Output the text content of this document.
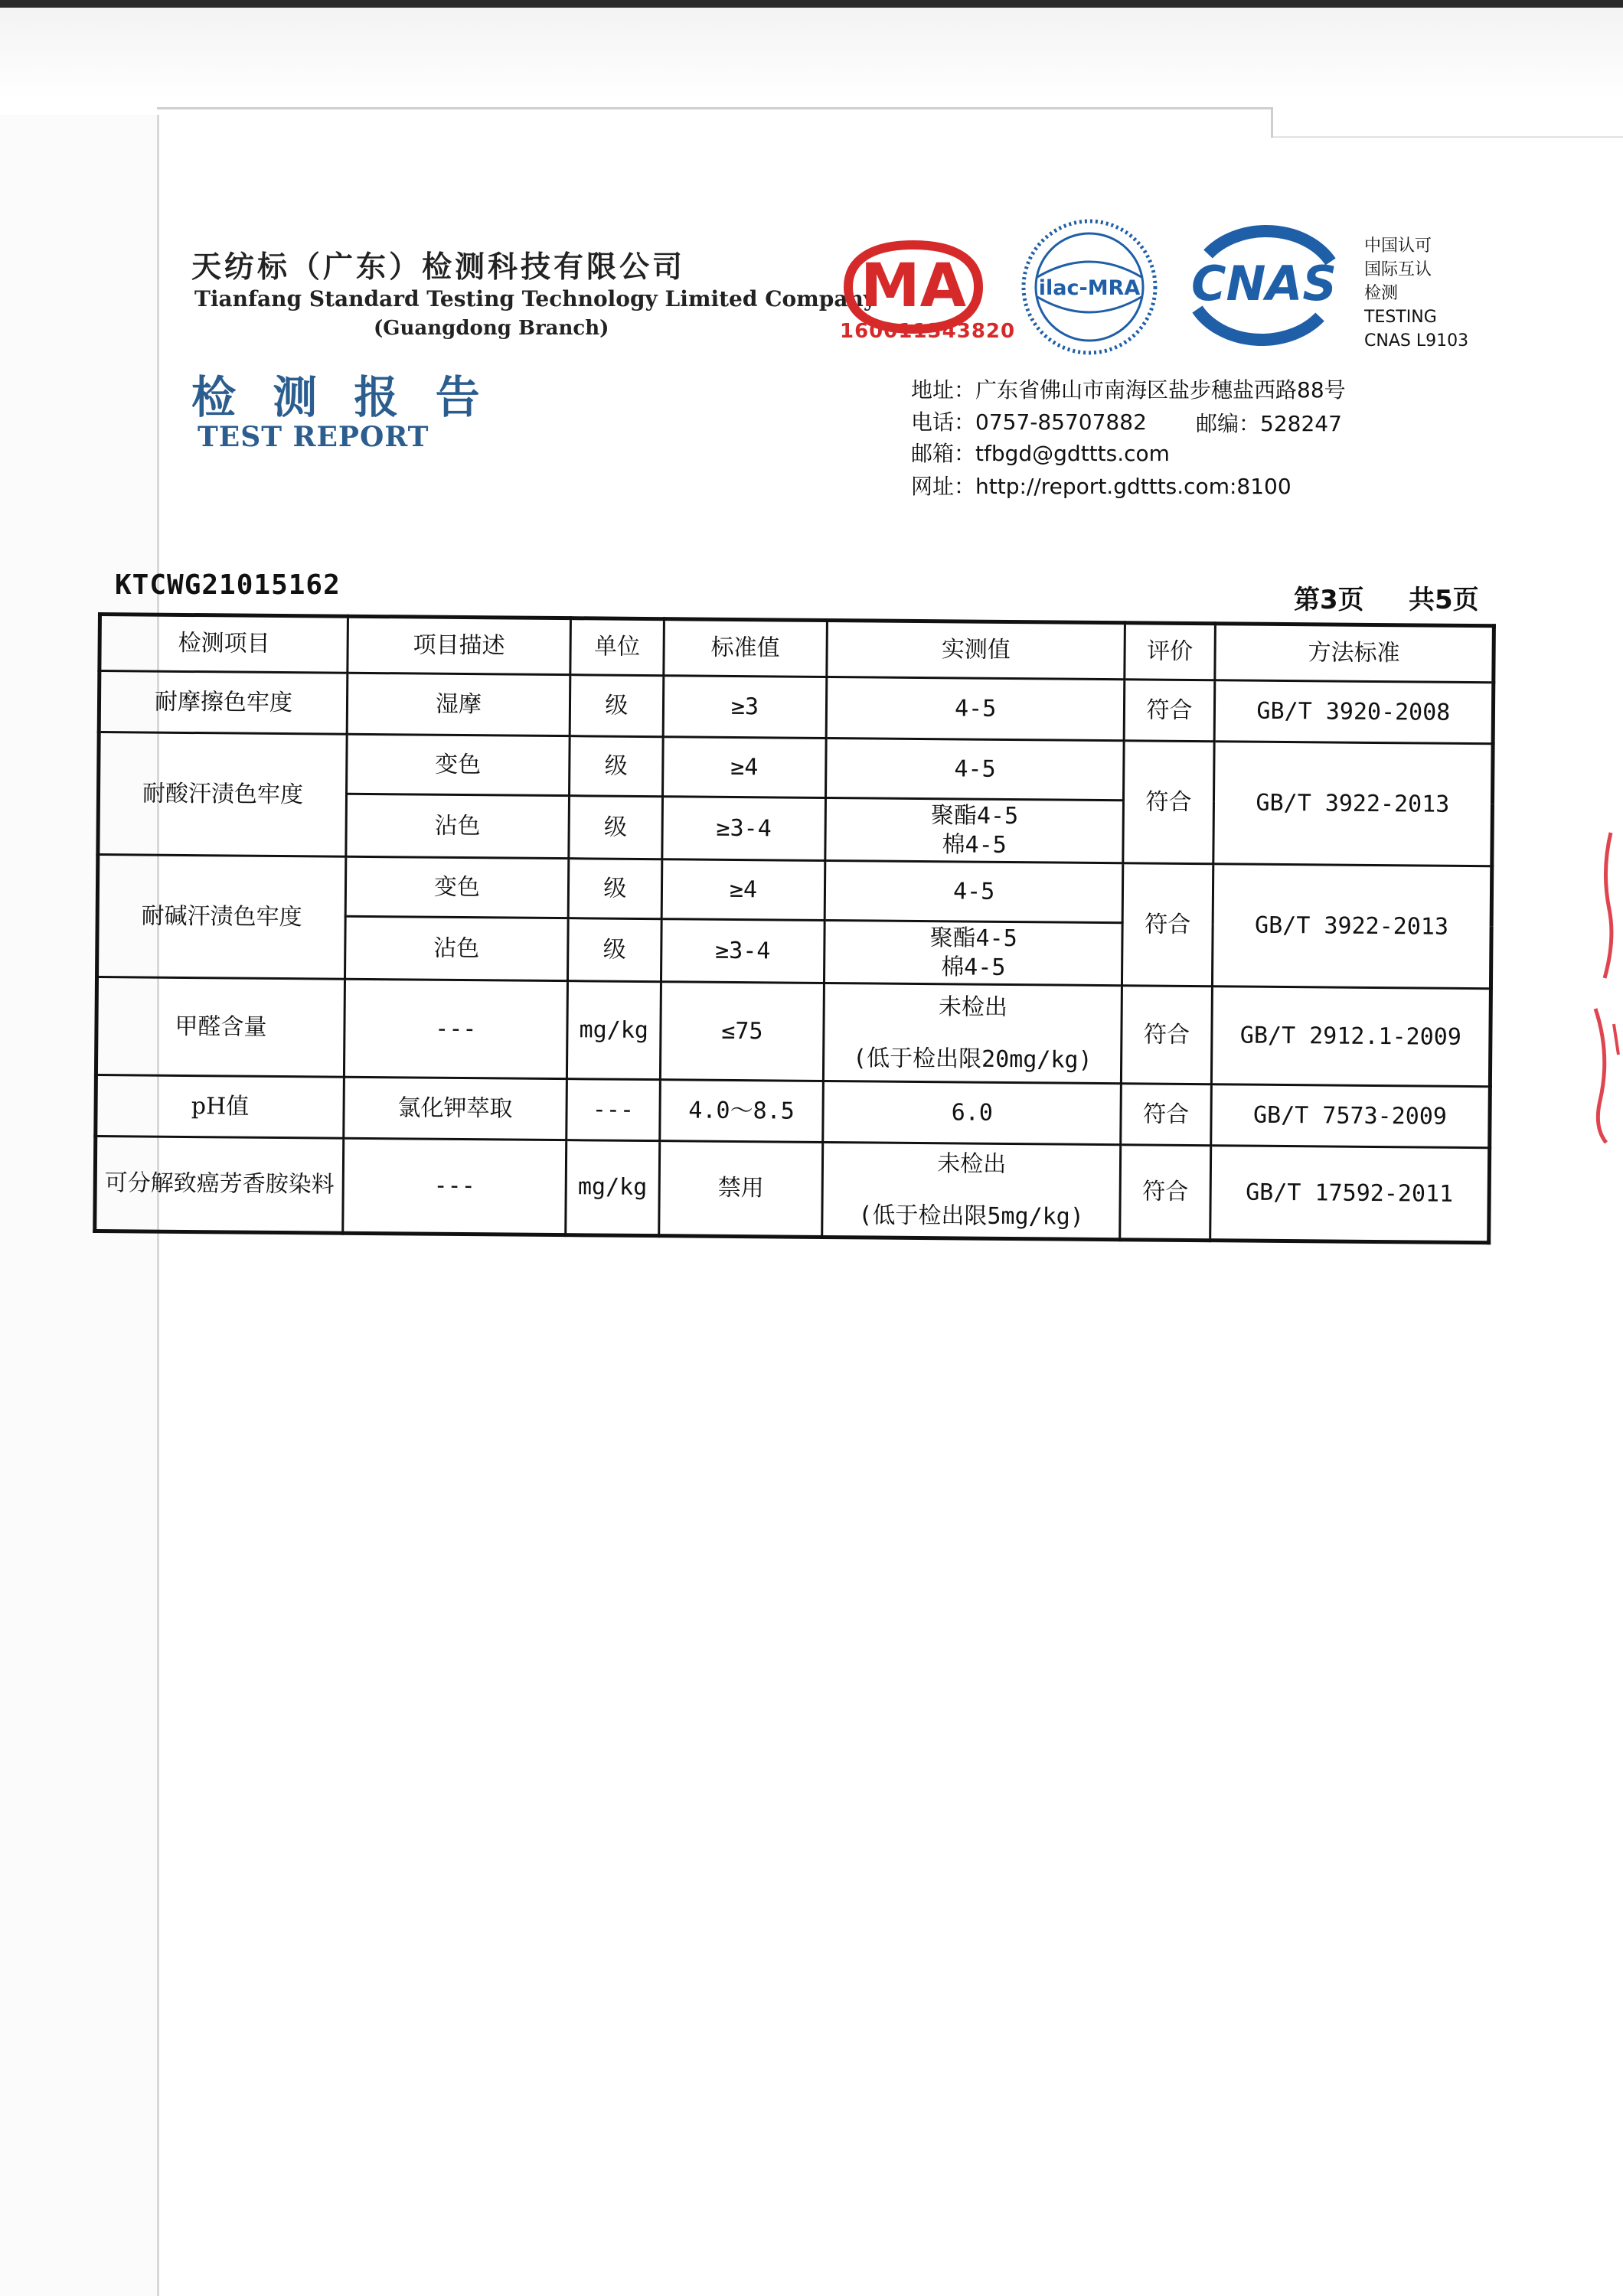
天纺标（广东）检测科技有限公司
Tianfang Standard Testing Technology Limited Company
(Guangdong Branch)
检 测 报 告
TEST REPORT
MA
160011343820
ilac-MRA CNAS
中国认可
国际互认
检测
TESTING
CNAS L9103
地址：广东省佛山市南海区盐步穗盐西路88号
电话：0757-85707882 邮编：528247
邮箱：tfbgd@gdttts.com
网址：http://report.gdttts.com:8100
KTCWG21015162	第3页 共5页
检测项目	项目描述	单位	标准值	实测值	评价	方法标准
耐摩擦色牢度	湿摩	级	≥3	4-5	符合	GB/T 3920-2008
耐酸汗渍色牢度	变色	级	≥4	4-5	符合	GB/T 3922-2013
	沾色	级	≥3-4	聚酯4-5
棉4-5		

耐碱汗渍色牢度	变色	级	≥4	4-5	符合	GB/T 3922-2013
	沾色	级	≥3-4	聚酯4-5
棉4-5		

甲醛含量	---	mg/kg	≤75	未检出
(低于检出限20mg/kg)	符合	GB/T 2912.1-2009
pH值	氯化钾萃取	---	4.0～8.5	6.0	符合	GB/T 7573-2009
可分解致癌芳香胺染料	---	mg/kg	禁用	未检出
(低于检出限5mg/kg)	符合	GB/T 17592-2011
